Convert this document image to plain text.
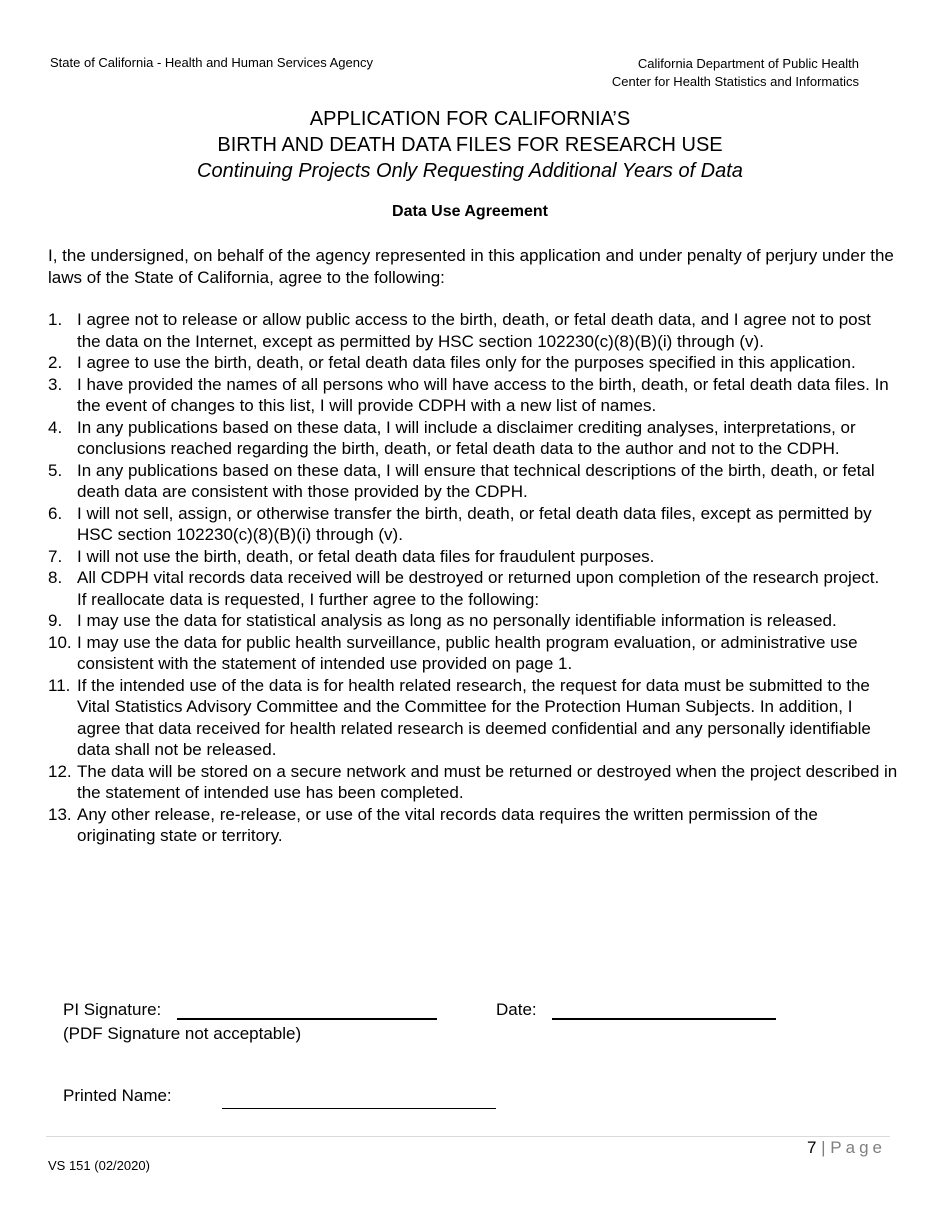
State of California - Health and Human Services Agency	California Department of Public Health
Center for Health Statistics and Informatics
APPLICATION FOR CALIFORNIA’S
BIRTH AND DEATH DATA FILES FOR RESEARCH USE
Continuing Projects Only Requesting Additional Years of Data
Data Use Agreement
I, the undersigned, on behalf of the agency represented in this application and under penalty of perjury under the laws of the State of California, agree to the following:
1. I agree not to release or allow public access to the birth, death, or fetal death data, and I agree not to post the data on the Internet, except as permitted by HSC section 102230(c)(8)(B)(i) through (v).
2. I agree to use the birth, death, or fetal death data files only for the purposes specified in this application.
3. I have provided the names of all persons who will have access to the birth, death, or fetal death data files. In the event of changes to this list, I will provide CDPH with a new list of names.
4. In any publications based on these data, I will include a disclaimer crediting analyses, interpretations, or conclusions reached regarding the birth, death, or fetal death data to the author and not to the CDPH.
5. In any publications based on these data, I will ensure that technical descriptions of the birth, death, or fetal death data are consistent with those provided by the CDPH.
6. I will not sell, assign, or otherwise transfer the birth, death, or fetal death data files, except as permitted by HSC section 102230(c)(8)(B)(i) through (v).
7. I will not use the birth, death, or fetal death data files for fraudulent purposes.
8. All CDPH vital records data received will be destroyed or returned upon completion of the research project.
If reallocate data is requested, I further agree to the following:
9. I may use the data for statistical analysis as long as no personally identifiable information is released.
10. I may use the data for public health surveillance, public health program evaluation, or administrative use consistent with the statement of intended use provided on page 1.
11. If the intended use of the data is for health related research, the request for data must be submitted to the Vital Statistics Advisory Committee and the Committee for the Protection Human Subjects. In addition, I agree that data received for health related research is deemed confidential and any personally identifiable data shall not be released.
12. The data will be stored on a secure network and must be returned or destroyed when the project described in the statement of intended use has been completed.
13. Any other release, re-release, or use of the vital records data requires the written permission of the originating state or territory.
PI Signature:	Date:
(PDF Signature not acceptable)
Printed Name:
7 | Page
VS 151 (02/2020)
